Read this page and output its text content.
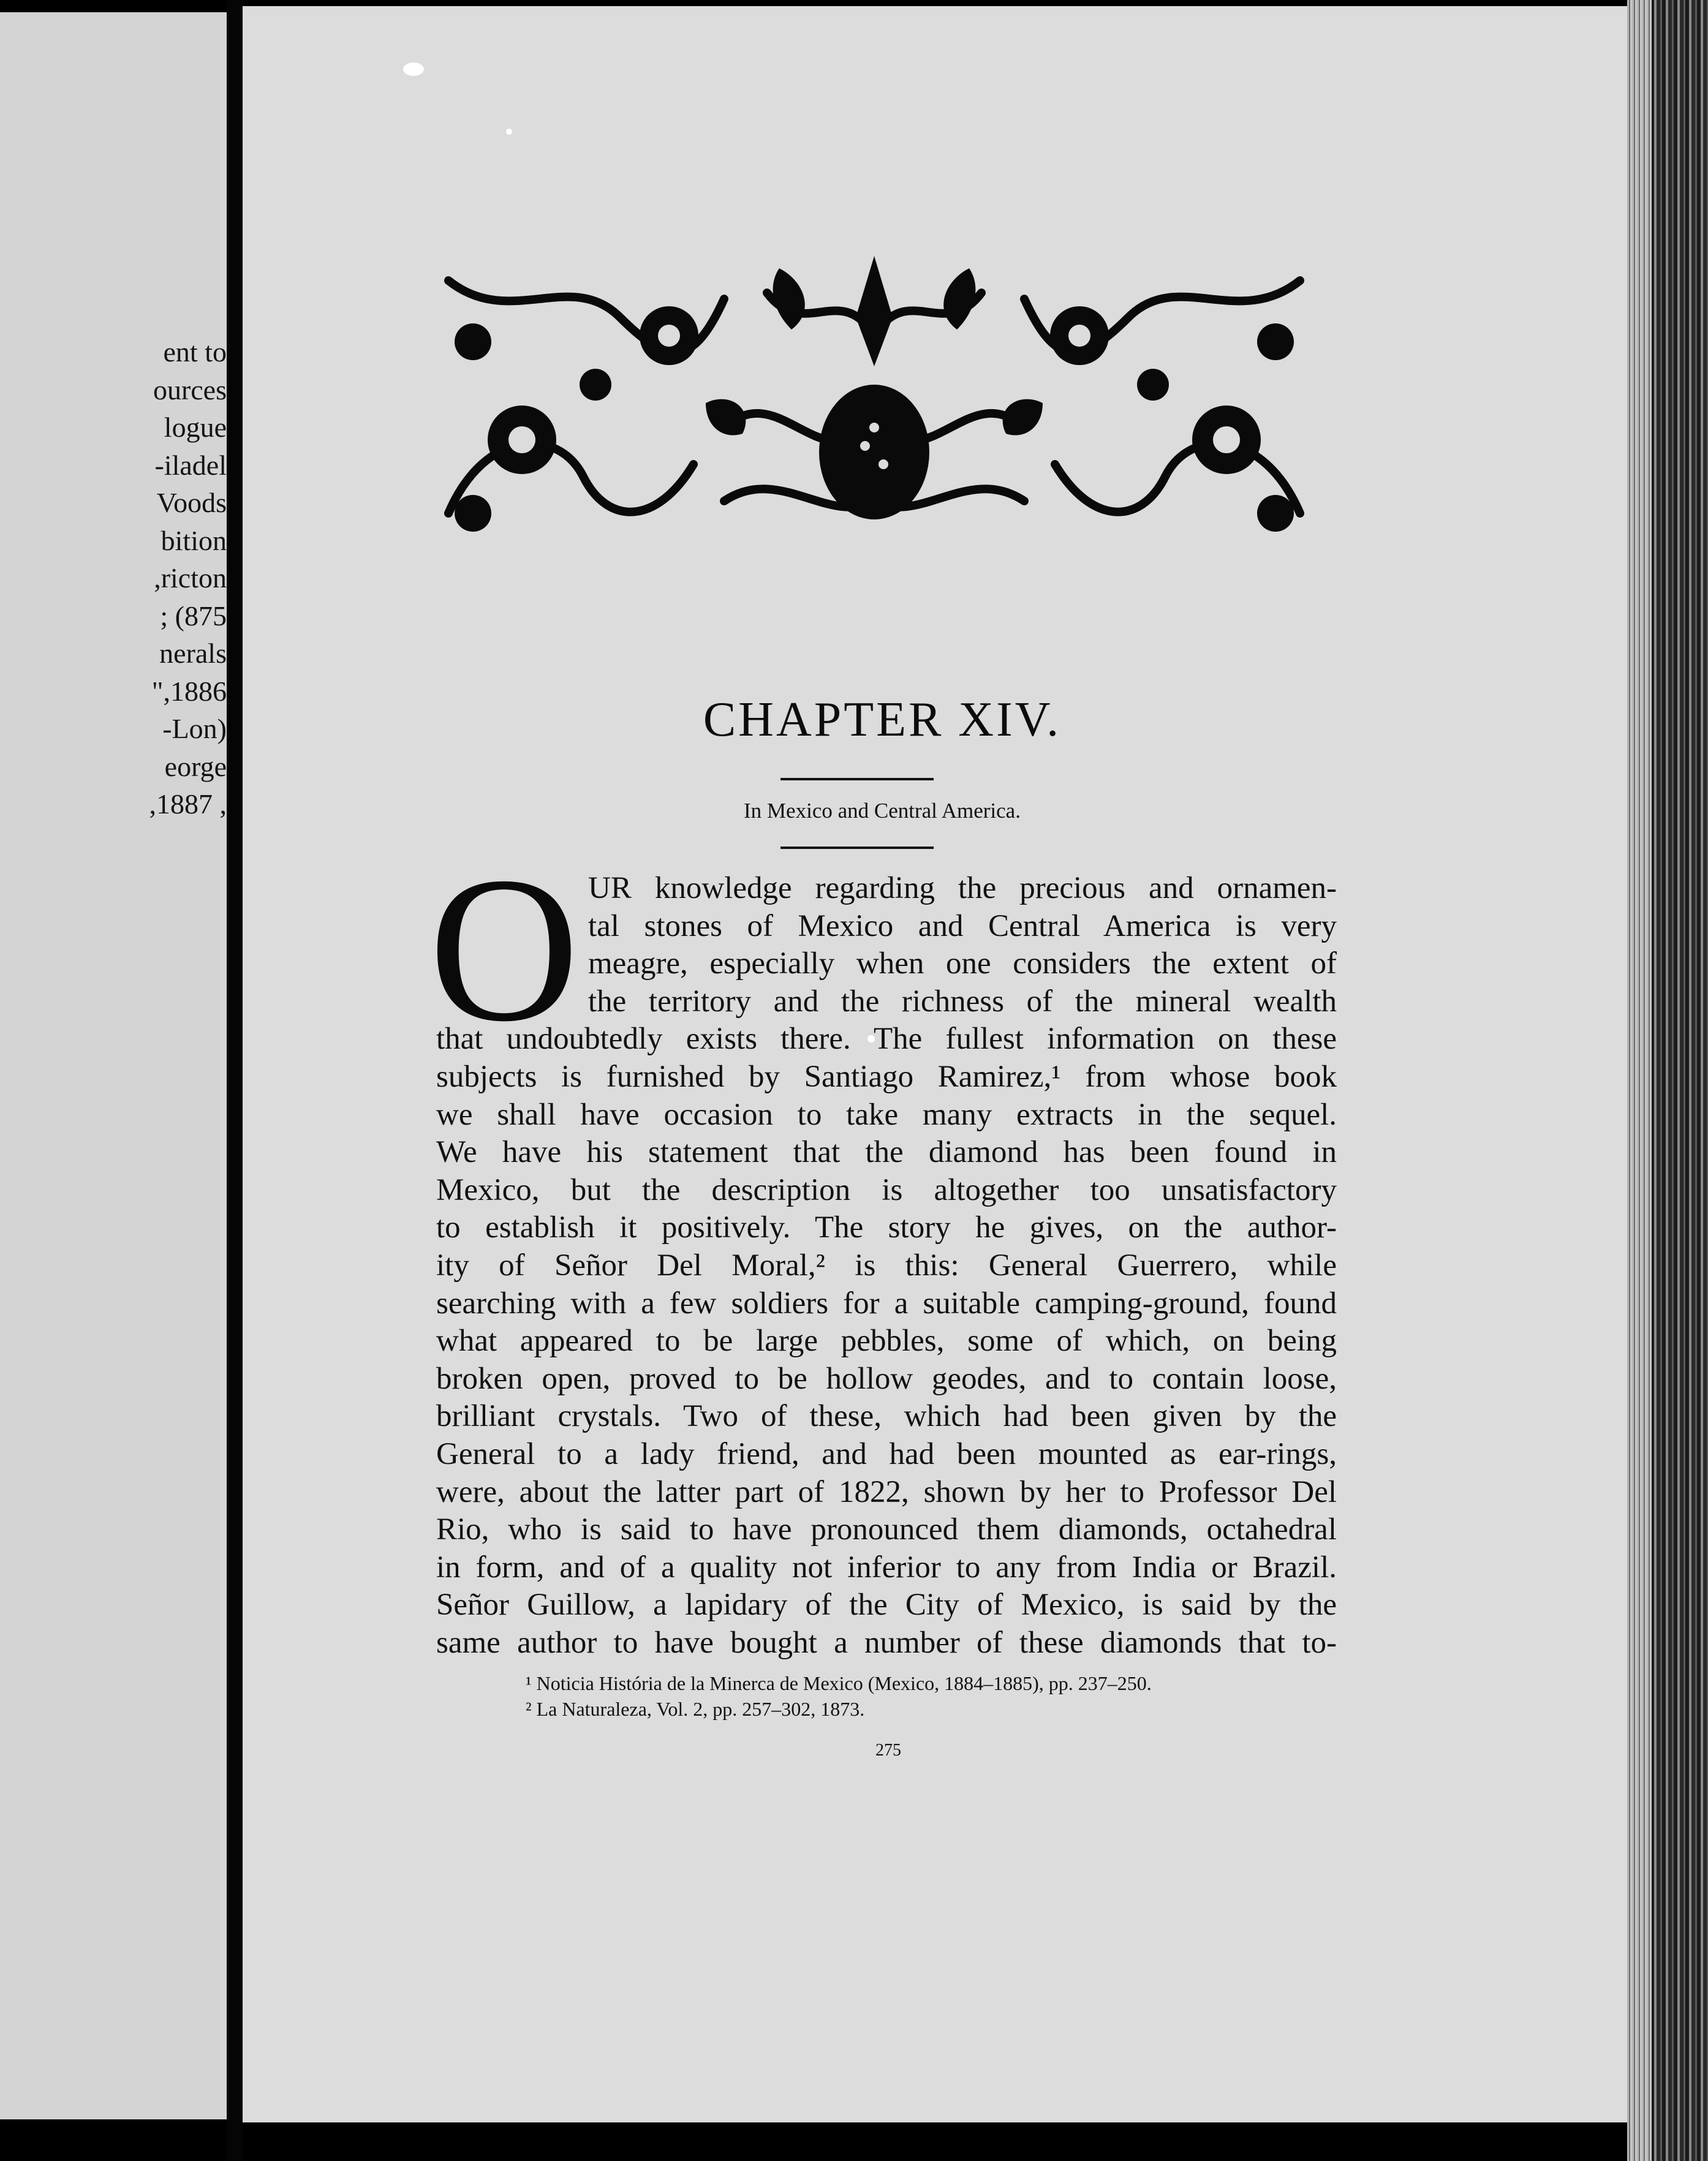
ent to
ources
logue
iladel-
Voods
bition
ricton,
875) ;
nerals
1886,"
(Lon-
eorge
, 1887,
CHAPTER XIV.
In Mexico and Central America.
O UR knowledge regarding the precious and ornamen-
tal stones of Mexico and Central America is very
meagre, especially when one considers the extent of
the territory and the richness of the mineral wealth
that undoubtedly exists there. The fullest information on these
subjects is furnished by Santiago Ramirez,¹ from whose book
we shall have occasion to take many extracts in the sequel.
We have his statement that the diamond has been found in
Mexico, but the description is altogether too unsatisfactory
to establish it positively. The story he gives, on the author-
ity of Señor Del Moral,² is this: General Guerrero, while
searching with a few soldiers for a suitable camping-ground, found
what appeared to be large pebbles, some of which, on being
broken open, proved to be hollow geodes, and to contain loose,
brilliant crystals. Two of these, which had been given by the
General to a lady friend, and had been mounted as ear-rings,
were, about the latter part of 1822, shown by her to Professor Del
Rio, who is said to have pronounced them diamonds, octahedral
in form, and of a quality not inferior to any from India or Brazil.
Señor Guillow, a lapidary of the City of Mexico, is said by the
same author to have bought a number of these diamonds that to-
¹ Noticia História de la Minerca de Mexico (Mexico, 1884–1885), pp. 237–250.
² La Naturaleza, Vol. 2, pp. 257–302, 1873.
275
